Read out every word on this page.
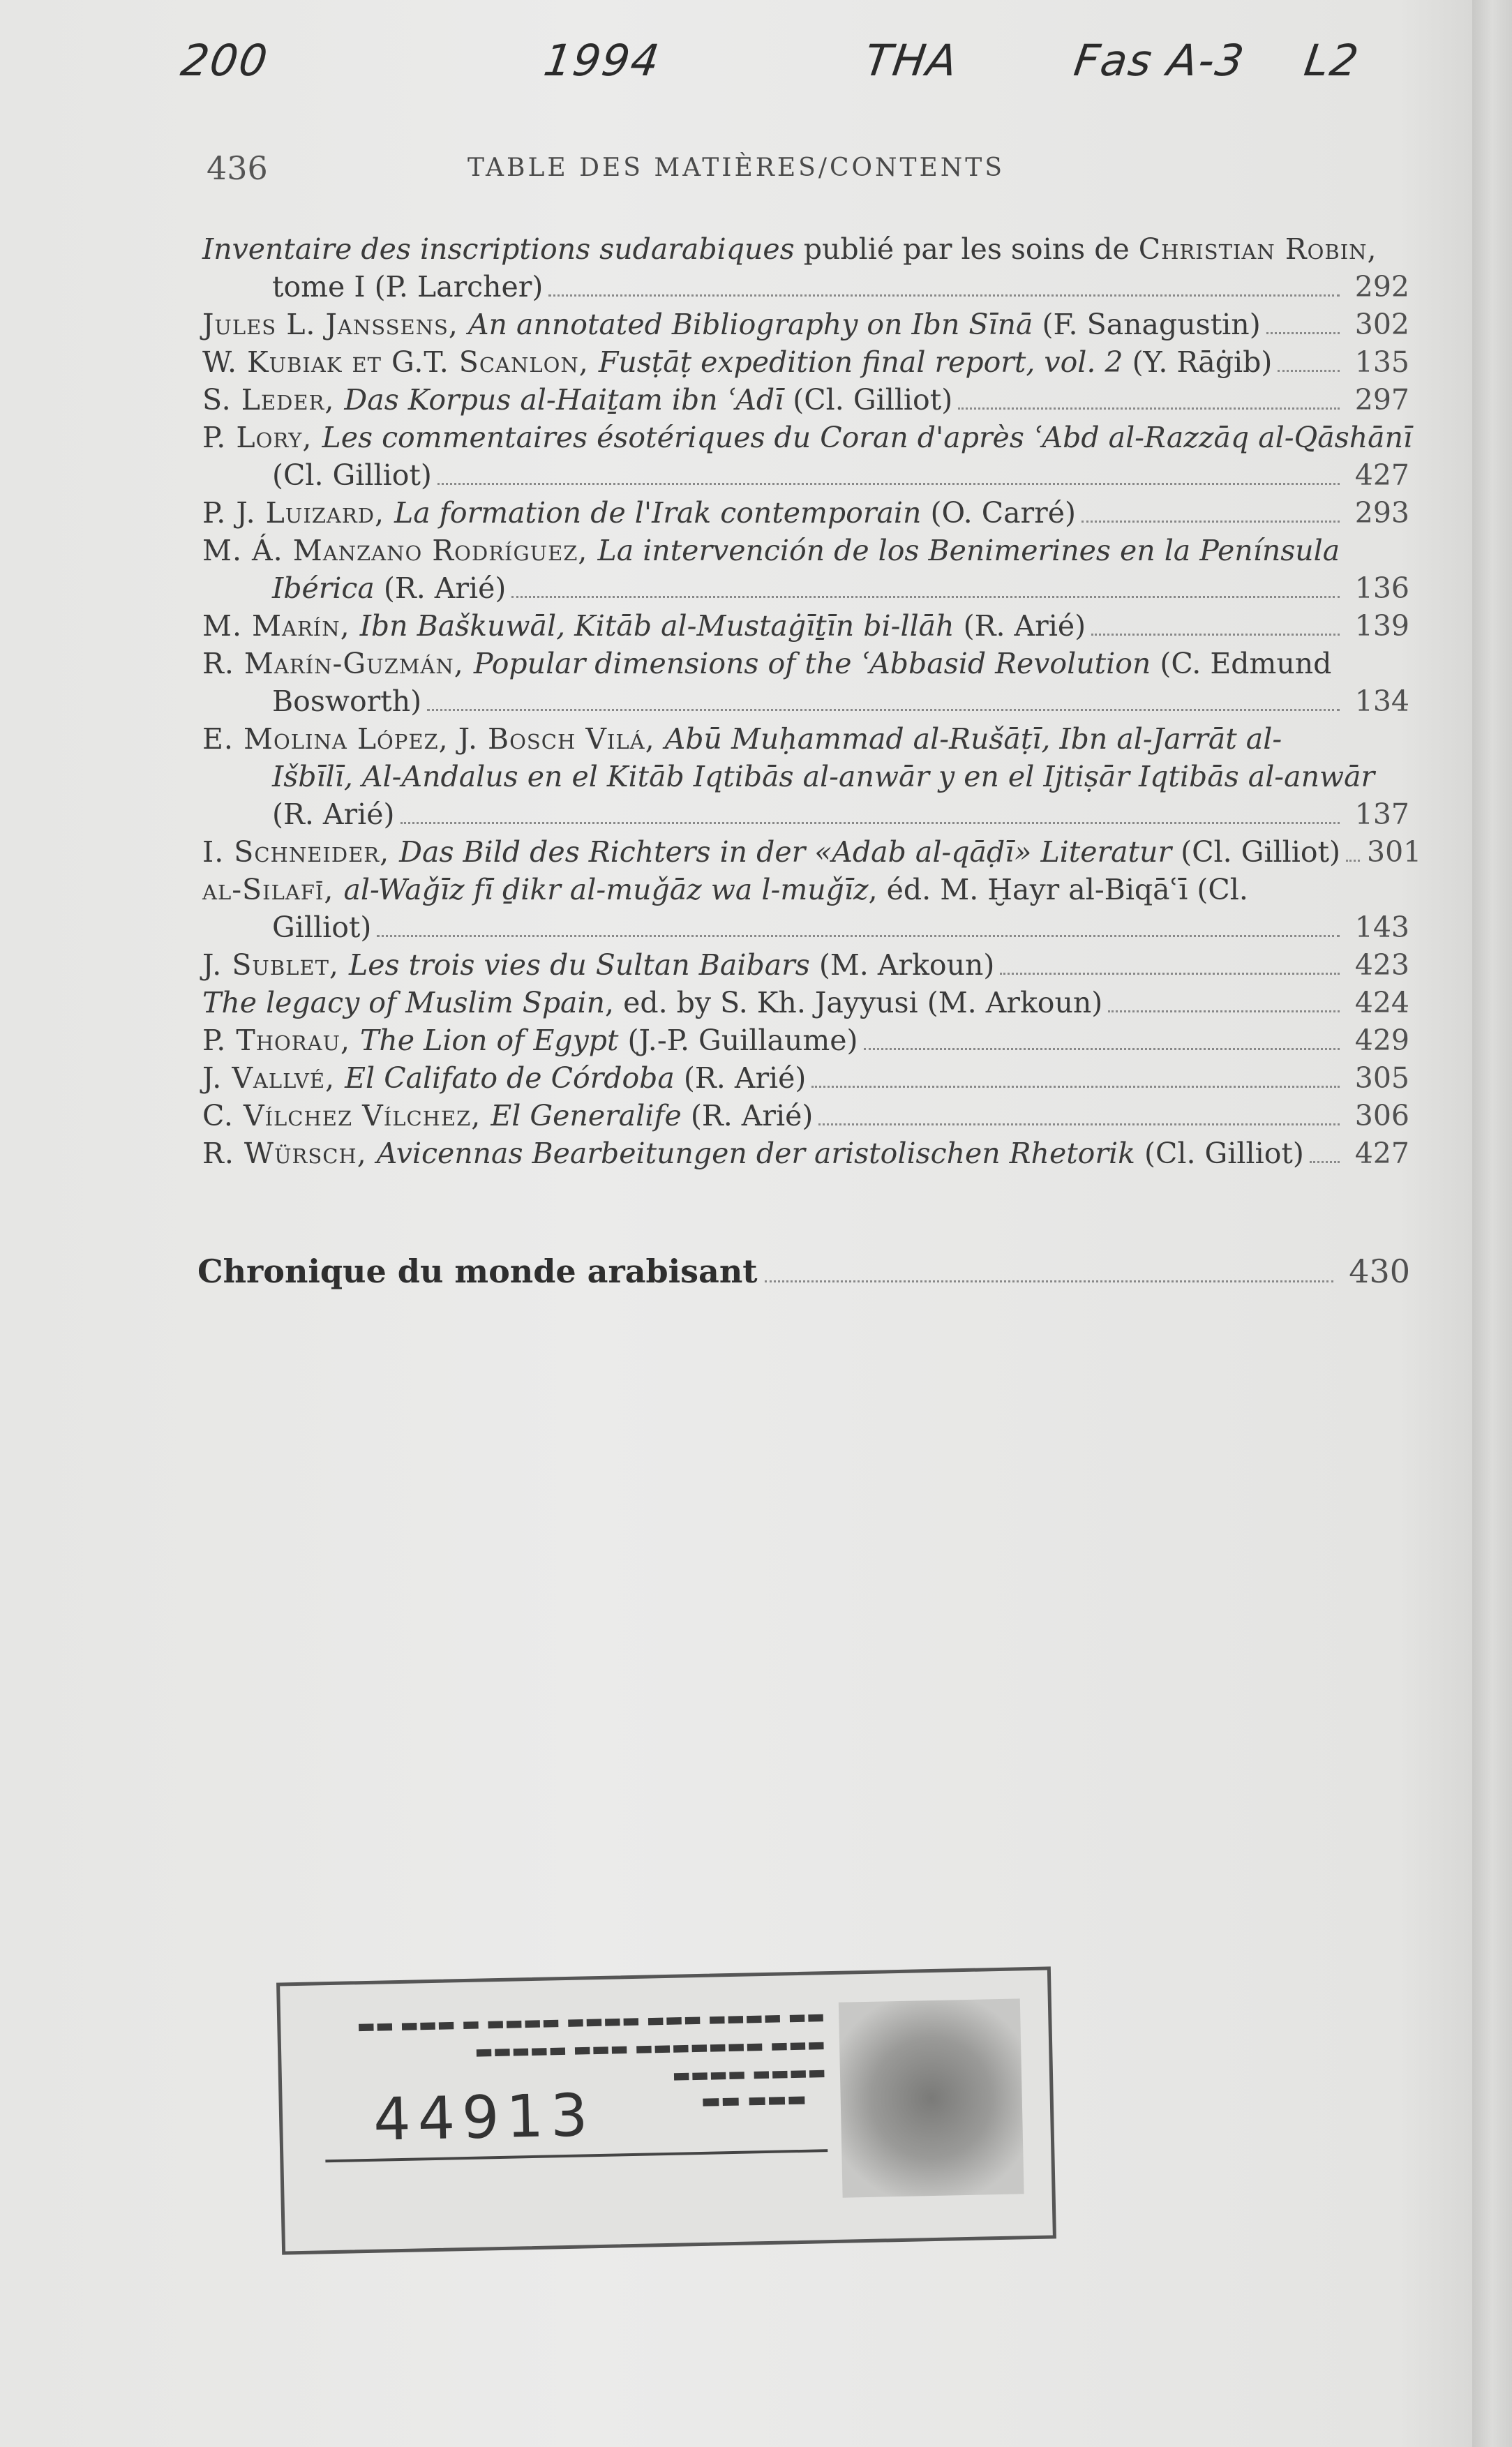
200	1994	THA	Fas A-3 L2
436	TABLE DES MATIÈRES/CONTENTS
Inventaire des inscriptions sudarabiques publié par les soins de Christian Robin,
tome I (P. Larcher)	292
Jules L. Janssens, An annotated Bibliography on Ibn Sīnā (F. Sanagustin)	302
W. Kubiak et G.T. Scanlon, Fusṭāṭ expedition final report, vol. 2 (Y. Rāġib)	135
S. Leder, Das Korpus al-Haiṯam ibn ʿAdī (Cl. Gilliot)	297
P. Lory, Les commentaires ésotériques du Coran d'après ʿAbd al-Razzāq al-Qāshānī
(Cl. Gilliot)	427
P. J. Luizard, La formation de l'Irak contemporain (O. Carré)	293
M. Á. Manzano Rodríguez, La intervención de los Benimerines en la Península
Ibérica (R. Arié)	136
M. Marín, Ibn Baškuwāl, Kitāb al-Mustaġīṯīn bi-llāh (R. Arié)	139
R. Marín-Guzmán, Popular dimensions of the ʿAbbasid Revolution (C. Edmund
Bosworth)	134
E. Molina López, J. Bosch Vilá, Abū Muḥammad al-Rušāṭī, Ibn al-Jarrāt al-
Išbīlī, Al-Andalus en el Kitāb Iqtibās al-anwār y en el Ijtiṣār Iqtibās al-anwār
(R. Arié)	137
I. Schneider, Das Bild des Richters in der «Adab al-qāḍī» Literatur (Cl. Gilliot) 301
al-Silafī, al-Waǧīz fī ḏikr al-muǧāz wa l-muǧīz, éd. M. Ḫayr al-Biqāʿī (Cl.
Gilliot)	143
J. Sublet, Les trois vies du Sultan Baibars (M. Arkoun)	423
The legacy of Muslim Spain, ed. by S. Kh. Jayyusi (M. Arkoun)	424
P. Thorau, The Lion of Egypt (J.-P. Guillaume)	429
J. Vallvé, El Califato de Córdoba (R. Arié)	305
C. Vílchez Vílchez, El Generalife (R. Arié)	306
R. Würsch, Avicennas Bearbeitungen der aristolischen Rhetorik (Cl. Gilliot) 427
Chronique du monde arabisant	430
▬▬ ▬▬▬ ▬ ▬▬▬▬ ▬▬▬▬ ▬▬▬ ▬▬▬▬ ▬▬
▬▬▬▬▬ ▬▬▬ ▬▬▬▬▬▬▬ ▬▬▬
▬▬▬▬ ▬▬▬▬
44913	▬▬ ▬▬▬
